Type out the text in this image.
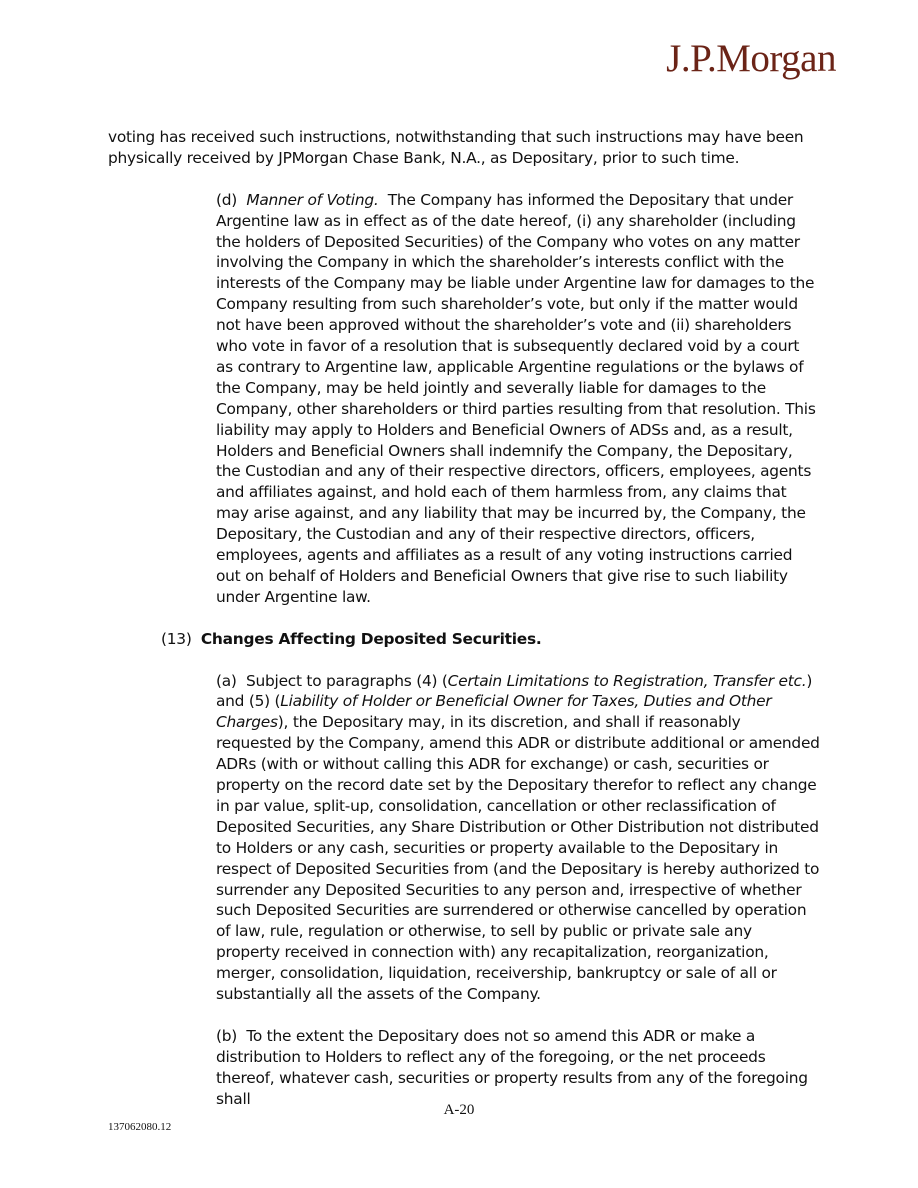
J.P.Morgan

voting has received such instructions, notwithstanding that such instructions may have been physically received by JPMorgan Chase Bank, N.A., as Depositary, prior to such time.

(d) Manner of Voting. The Company has informed the Depositary that under Argentine law as in effect as of the date hereof, (i) any shareholder (including the holders of Deposited Securities) of the Company who votes on any matter involving the Company in which the shareholder’s interests conflict with the interests of the Company may be liable under Argentine law for damages to the Company resulting from such shareholder’s vote, but only if the matter would not have been approved without the shareholder’s vote and (ii) shareholders who vote in favor of a resolution that is subsequently declared void by a court as contrary to Argentine law, applicable Argentine regulations or the bylaws of the Company, may be held jointly and severally liable for damages to the Company, other shareholders or third parties resulting from that resolution. This liability may apply to Holders and Beneficial Owners of ADSs and, as a result, Holders and Beneficial Owners shall indemnify the Company, the Depositary, the Custodian and any of their respective directors, officers, employees, agents and affiliates against, and hold each of them harmless from, any claims that may arise against, and any liability that may be incurred by, the Company, the Depositary, the Custodian and any of their respective directors, officers, employees, agents and affiliates as a result of any voting instructions carried out on behalf of Holders and Beneficial Owners that give rise to such liability under Argentine law.

(13) Changes Affecting Deposited Securities.

(a) Subject to paragraphs (4) (Certain Limitations to Registration, Transfer etc.) and (5) (Liability of Holder or Beneficial Owner for Taxes, Duties and Other Charges), the Depositary may, in its discretion, and shall if reasonably requested by the Company, amend this ADR or distribute additional or amended ADRs (with or without calling this ADR for exchange) or cash, securities or property on the record date set by the Depositary therefor to reflect any change in par value, split-up, consolidation, cancellation or other reclassification of Deposited Securities, any Share Distribution or Other Distribution not distributed to Holders or any cash, securities or property available to the Depositary in respect of Deposited Securities from (and the Depositary is hereby authorized to surrender any Deposited Securities to any person and, irrespective of whether such Deposited Securities are surrendered or otherwise cancelled by operation of law, rule, regulation or otherwise, to sell by public or private sale any property received in connection with) any recapitalization, reorganization, merger, consolidation, liquidation, receivership, bankruptcy or sale of all or substantially all the assets of the Company.

(b) To the extent the Depositary does not so amend this ADR or make a distribution to Holders to reflect any of the foregoing, or the net proceeds thereof, whatever cash, securities or property results from any of the foregoing shall

A-20
137062080.12
